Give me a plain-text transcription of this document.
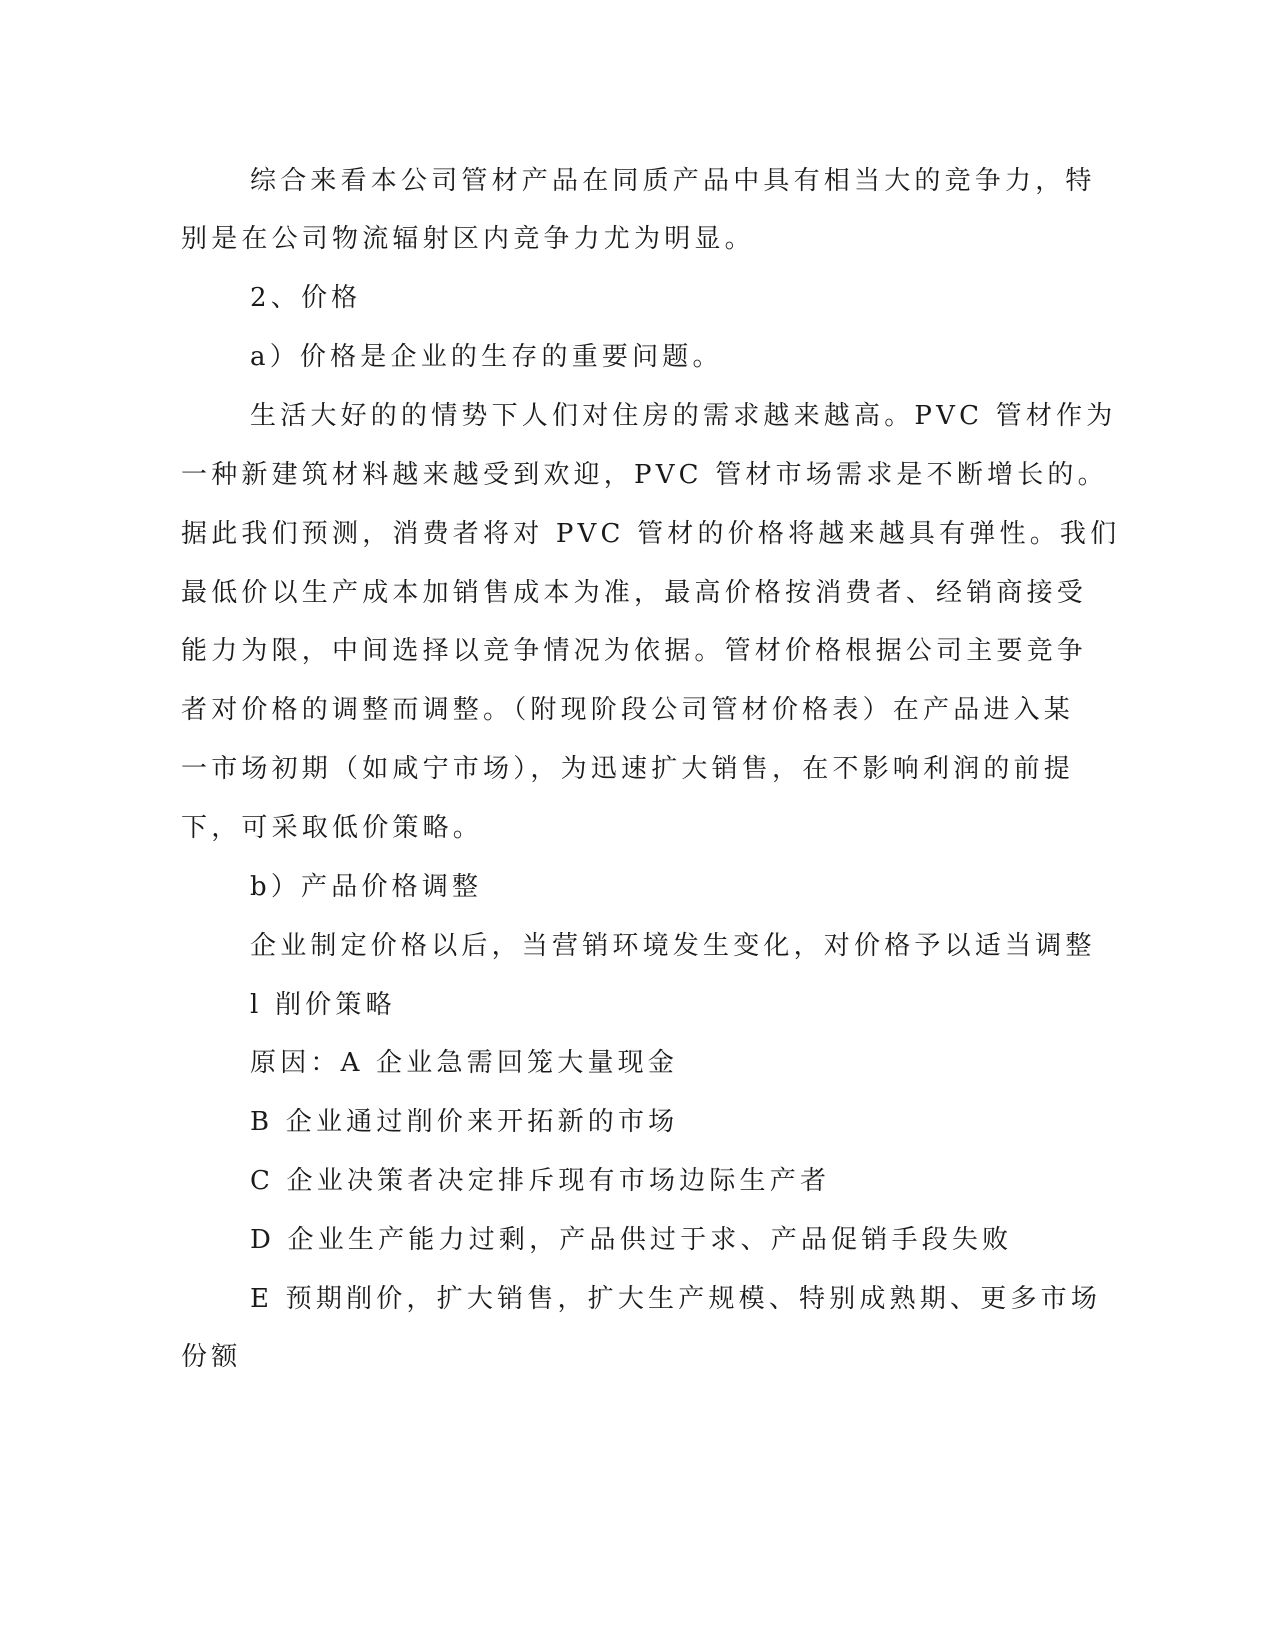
综合来看本公司管材产品在同质产品中具有相当大的竞争力，特
别是在公司物流辐射区内竞争力尤为明显。
2、价格
a）价格是企业的生存的重要问题。
生活大好的的情势下人们对住房的需求越来越高。PVC 管材作为
一种新建筑材料越来越受到欢迎，PVC 管材市场需求是不断增长的。
据此我们预测，消费者将对 PVC 管材的价格将越来越具有弹性。我们
最低价以生产成本加销售成本为准，最高价格按消费者、经销商接受
能力为限，中间选择以竞争情况为依据。管材价格根据公司主要竞争
者对价格的调整而调整。（附现阶段公司管材价格表）在产品进入某
一市场初期（如咸宁市场），为迅速扩大销售，在不影响利润的前提
下，可采取低价策略。
b）产品价格调整
企业制定价格以后，当营销环境发生变化，对价格予以适当调整
l 削价策略
原因：A 企业急需回笼大量现金
B 企业通过削价来开拓新的市场
C 企业决策者决定排斥现有市场边际生产者
D 企业生产能力过剩，产品供过于求、产品促销手段失败
E 预期削价，扩大销售，扩大生产规模、特别成熟期、更多市场
份额
